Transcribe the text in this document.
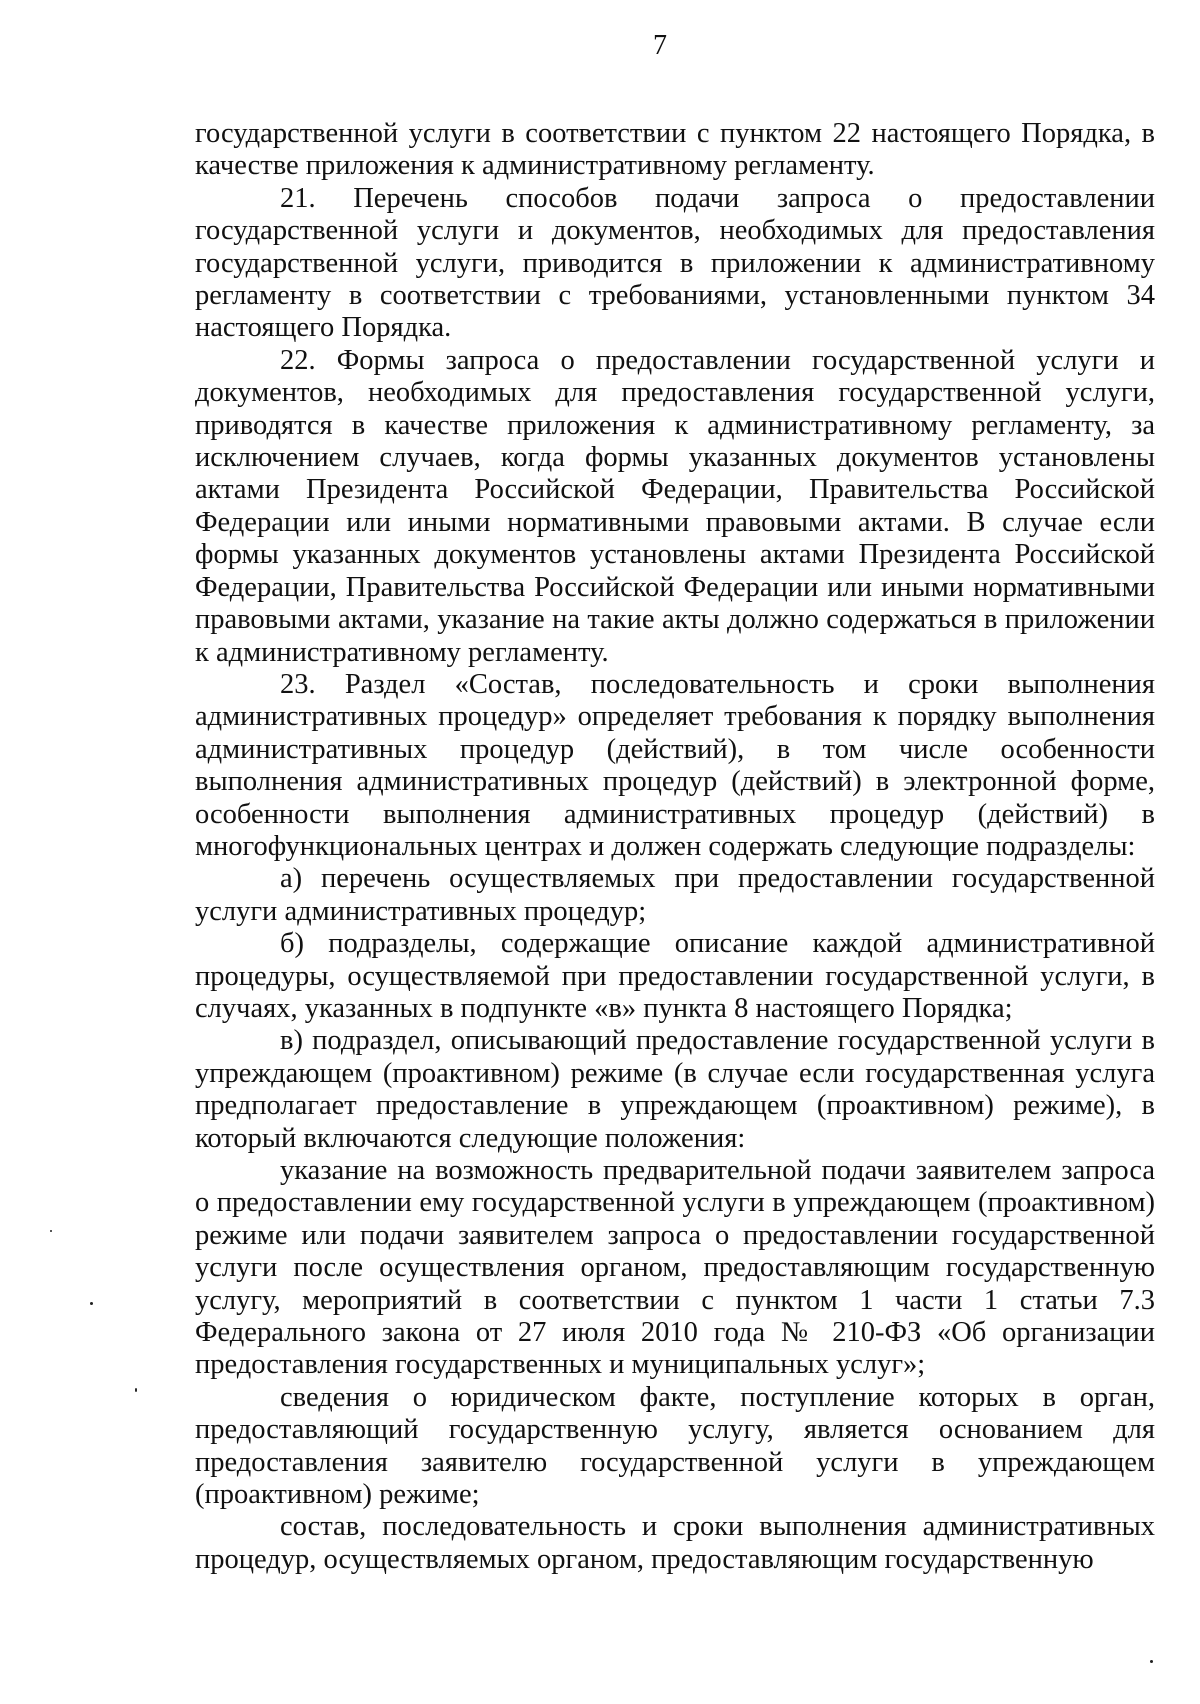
7

государственной услуги в соответствии с пунктом 22 настоящего Порядка, в качестве приложения к административному регламенту.

21. Перечень способов подачи запроса о предоставлении государственной услуги и документов, необходимых для предоставления государственной услуги, приводится в приложении к административному регламенту в соответствии с требованиями, установленными пунктом 34 настоящего Порядка.

22. Формы запроса о предоставлении государственной услуги и документов, необходимых для предоставления государственной услуги, приводятся в качестве приложения к административному регламенту, за исключением случаев, когда формы указанных документов установлены актами Президента Российской Федерации, Правительства Российской Федерации или иными нормативными правовыми актами. В случае если формы указанных документов установлены актами Президента Российской Федерации, Правительства Российской Федерации или иными нормативными правовыми актами, указание на такие акты должно содержаться в приложении к административному регламенту.

23. Раздел «Состав, последовательность и сроки выполнения административных процедур» определяет требования к порядку выполнения административных процедур (действий), в том числе особенности выполнения административных процедур (действий) в электронной форме, особенности выполнения административных процедур (действий) в многофункциональных центрах и должен содержать следующие подразделы:

а) перечень осуществляемых при предоставлении государственной услуги административных процедур;

б) подразделы, содержащие описание каждой административной процедуры, осуществляемой при предоставлении государственной услуги, в случаях, указанных в подпункте «в» пункта 8 настоящего Порядка;

в) подраздел, описывающий предоставление государственной услуги в упреждающем (проактивном) режиме (в случае если государственная услуга предполагает предоставление в упреждающем (проактивном) режиме), в который включаются следующие положения:

указание на возможность предварительной подачи заявителем запроса о предоставлении ему государственной услуги в упреждающем (проактивном) режиме или подачи заявителем запроса о предоставлении государственной услуги после осуществления органом, предоставляющим государственную услугу, мероприятий в соответствии с пунктом 1 части 1 статьи 7.3 Федерального закона от 27 июля 2010 года № 210-ФЗ «Об организации предоставления государственных и муниципальных услуг»;

сведения о юридическом факте, поступление которых в орган, предоставляющий государственную услугу, является основанием для предоставления заявителю государственной услуги в упреждающем (проактивном) режиме;

состав, последовательность и сроки выполнения административных процедур, осуществляемых органом, предоставляющим государственную
